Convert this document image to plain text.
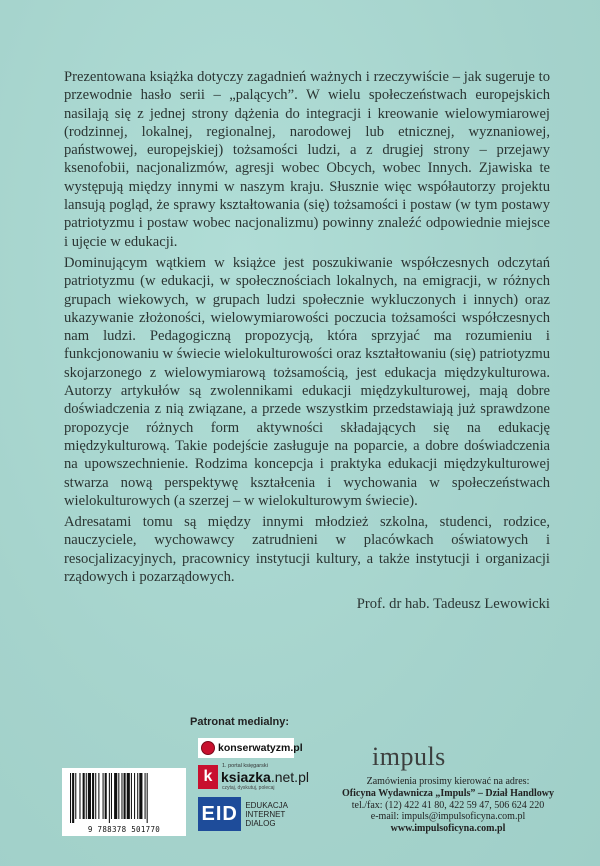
Prezentowana książka dotyczy zagadnień ważnych i rzeczywiście – jak sugeruje to przewodnie hasło serii – „palących”. W wielu społeczeństwach europejskich nasilają się z jednej strony dążenia do integracji i kreowanie wielowymiarowej (rodzinnej, lokalnej, regionalnej, narodowej lub etnicznej, wyznaniowej, państwowej, europejskiej) tożsamości ludzi, a z drugiej strony – przejawy ksenofobii, nacjonalizmów, agresji wobec Obcych, wobec Innych. Zjawiska te występują między innymi w naszym kraju. Słusznie więc współautorzy projektu lansują pogląd, że sprawy kształtowania (się) tożsamości i postaw (w tym postawy patriotyzmu i postaw wobec nacjonalizmu) powinny znaleźć odpowiednie miejsce i ujęcie w edukacji.

Dominującym wątkiem w książce jest poszukiwanie współczesnych odczytań patriotyzmu (w edukacji, w społecznościach lokalnych, na emigracji, w różnych grupach wiekowych, w grupach ludzi społecznie wykluczonych i innych) oraz ukazywanie złożoności, wielowymiarowości poczucia tożsamości współczesnych nam ludzi. Pedagogiczną propozycją, która sprzyjać ma rozumieniu i funkcjonowaniu w świecie wielokulturowości oraz kształtowaniu (się) patriotyzmu skojarzonego z wielowymiarową tożsamością, jest edukacja międzykulturowa. Autorzy artykułów są zwolennikami edukacji międzykulturowej, mają dobre doświadczenia z nią związane, a przede wszystkim przedstawiają już sprawdzone propozycje różnych form aktywności składających się na edukację międzykulturową. Takie podejście zasługuje na poparcie, a dobre doświadczenia na upowszechnienie. Rodzima koncepcja i praktyka edukacji międzykulturowej stwarza nową perspektywę kształcenia i wychowania w społeczeństwach wielokulturowych (a szerzej – w wielokulturowym świecie).

Adresatami tomu są między innymi młodzież szkolna, studenci, rodzice, nauczyciele, wychowawcy zatrudnieni w placówkach oświatowych i resocjalizacyjnych, pracownicy instytucji kultury, a także instytucji i organizacji rządowych i pozarządowych.

Prof. dr hab. Tadeusz Lewowicki
Patronat medialny:
konserwatyzm.pl
k
1. portal księgarski
ksiazka.net.pl
czytaj, dyskutuj, polecaj
EID EDUKACJA
INTERNET
DIALOG
9 788378 501770
impuls
Zamówienia prosimy kierować na adres:
Oficyna Wydawnicza „Impuls” – Dział Handlowy
tel./fax: (12) 422 41 80, 422 59 47, 506 624 220
e-mail: impuls@impulsoficyna.com.pl
www.impulsoficyna.com.pl
